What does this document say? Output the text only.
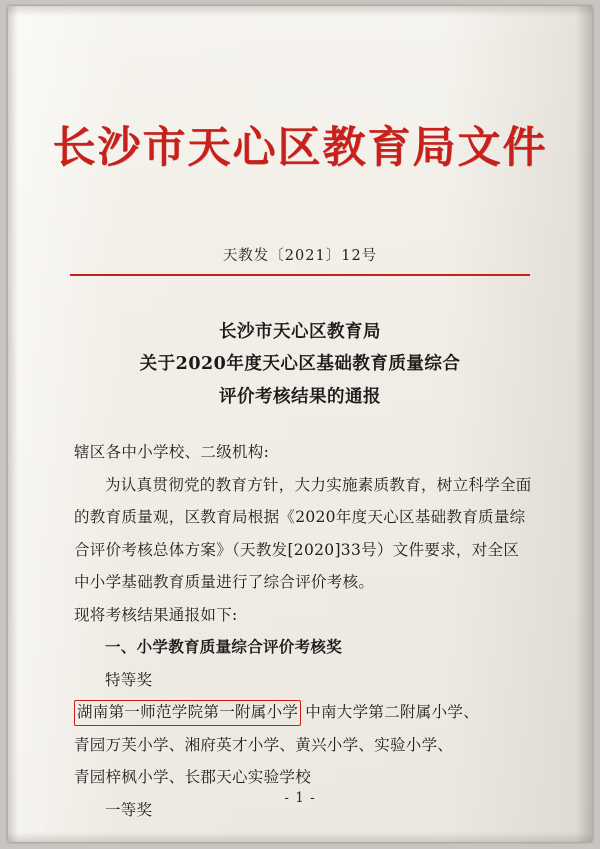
长沙市天心区教育局文件
天教发〔2021〕12号
长沙市天心区教育局
关于2020年度天心区基础教育质量综合
评价考核结果的通报
辖区各中小学校、二级机构:
为认真贯彻党的教育方针，大力实施素质教育，树立科学全面的教育质量观，区教育局根据《2020年度天心区基础教育质量综合评价考核总体方案》（天教发[2020]33号）文件要求，对全区中小学基础教育质量进行了综合评价考核。
现将考核结果通报如下:
一、小学教育质量综合评价考核奖
特等奖
湖南第一师范学院第一附属小学 中南大学第二附属小学、
青园万芙小学、湘府英才小学、黄兴小学、实验小学、
青园梓枫小学、长郡天心实验学校
一等奖
- 1 -
